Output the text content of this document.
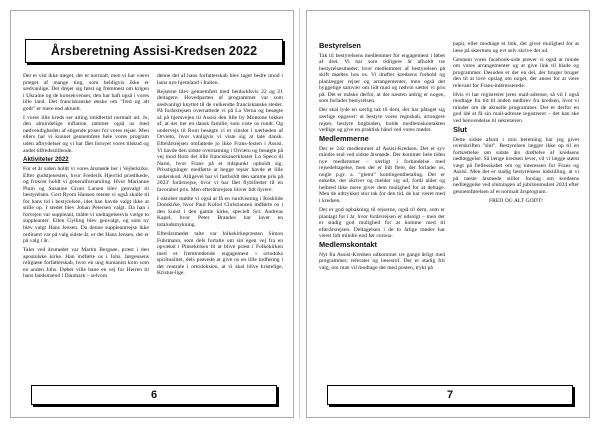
Årsberetning Assisi-Kredsen 2022

Der er vist ikke meget, der er normalt, men vi har været præget af mange ting, som heldigvis ikke er sædvanlige. Det drejer sig først og fremmest om krigen i Ukraine og de konsekvenser, den har haft også i vores lille land. Det franciskanske ønske om "fred og alt godt" er mere end aktuelt.

I vores lille kreds ser alting imidlertid normalt ud. Jo, den almindelige inflation rammer også os med nødvendigheden af stigende priser for vores rejser. Men ellers har vi kunnet gennemføre hele vores program uden afbrydelser og vi har fået fornyet vores tilskud og andet tilfredsstillende.

Aktiviteter 2022

For et år siden holdt vi vores årsmøde her i Vejlerkirke. Efter gudstjenesten, hvor Frederik Hjerrild prædikede, og frokost holdt vi generalforsamling. Hvor Marianne Plum og Susanne Grum Larsen blev genvalgt til bestyrelsen. Gert Ryom Hansen mente vi også skulle til for hans tid i bestyrelsen, idet han havde valgt ikke at stille op. I stedet blev Johan Petersen valgt. Da han i forvejen var suppleant, måtte vi undtagelsesvis vælge to suppleanter. Ellen Gylling blev genvalgt, og som ny blev valgt Hans Jensen. Da denne suppleantrejse ikke ordinært var på valg sidste år, er det Hans Jensen, der er på valg i år.

Taler ved årsmødet var Martin Bergsøe, præst i den apostolske kirke. Han indførte os i Johs. Jørgensens religiøse forfatterskab, hvor en ung humanist kom som en anden Johs. Døber ville bane en vej for Herren til hans landsmænd i Danmark – selvom

denne del af hans forfatterskab blev taget bedre imod i hans nye hjemland i Italien.

Rejserne blev gennemført med henholdsvis 22 og 21 deltagere. Hovedparten af programmet var som sædvanligt knyttet til de velkendte franciskanske steder. På forårsrejsen overnattede vi på La Verna og besøgte så på hjemvejen til Assisi den lille by Montone lokket af, at der her en dansk familie, som viste os rundt. Og undervejs til Rom besøgte vi et vinslot i nærheden af Orvieto, hvor vanligvis vi viste sig at tale dansk. Efterårsrejsen omfattede jo ikke Frans-festen i Assisi. Vi havde den sidste overnatning i Orvieto og besøgte på vej mod Rom det lille franciskanerkloster Lo Speco di Narni, hvor Frans på et tidspunkt opholdt sig. Prisstigninger medførte at begge rejser havde et lille underskud. Alligevel har vi fastholdt den samme pris på 2023' forårsrejse, hvor vi har fået flybilletter til en favorabel pris. Men efterårsrejsen bliver lidt dyrere.

I oktober mødte vi også at få en rundvisning i Roskilde Domkirke, hvor Paul Kofod Christiansen indførte os i den kunst i den gamle kirke, specielt Sct. Andreas Kapel, hvor Peter Brandes har lavet en totaludsmykning.

Efterårsmødet talte var folkekirkepræsten Simon Fuhrmann, som dels fortalte om sin egen vej fra en opvækst i Pinsekirken til at blive præst i Folkekirken med et fremtrædende engagement i ortodoks spiritualitet, dels prøvede at give os en lille indføring i det centrale i ortodoksien, at vi skal blive kristelige, Kristus-lige.

6
Bestyrelsen

Tak til bestyrelsens medlemmer for engagement i løbet af året. Vi har som tidligere år afholdt tre bestyrelsesmøder, hvor medlemmer af bestyrelsen på skift mødtes hos os. Vi drøfter kredsens forhold og planlægger rejser og arrangementer, men også det hyggelige samvær om lidt mad og rødvin sætter vi pris på. Det er måske derfor, at det næsten aldrig er nogen, som forlader bestyrelsen.

Der skal lyde en særlig tak til dem, der har påtaget sig særlige opgaver: at bestyre vores regnskab, arrangere rejser, bestyre bogboden, holde medlemskontakten vedlige og give en praktisk hånd ved vores møder.

Medlemmerne

Der er 242 medlemmer af Assisi-Kredsen. Det er syv mindre end ved sidste årsmøde. Der kommer hele tiden nye medlemmer – særligt i forbindelse med rejsedeltagelse, men der er lidt flere, der forlader os, nogle p.gr. a. "glemt" kontingentbetaling. Der er enkelte, der skriver og melder sig ud, fordi alder og helbred ikke mere giver dem mulighed for at deltage. Men de udtrykker stor tak for den tid, de har været med i kredsen.

Der er god opbakning til rejserne, også til dem, som er planlagt for i år, hvor forårsrejsen er udsolgt – men der er stadig god mulighed for at komme med til efterårsrejsen. Deltagelsen i de to årlige møder har været lidt mindre end før corona.

Medlemskontakt

Nyt fra Assisi-Kredsen udkommer tre gange årligt med programmer, referater og læsestof. Der er stadig frit valg, om man vil modtage det med posten, trykt på

papir, eller modtage et link, der giver mulighed for at læse på skærmen og evt selv skrive det ud.

Gennem vores facebook-side prøver vi også at minde om vores arrangementer og at give link til blade og programmer. Desuden er der en del, der bruger bruger den til at love opslag om noget, der anses for at være relevant for Frans-interesserede.

Hvis vi har registreret jeres mail-adresse, så vil I også modtage fra tid til anden nødbrev fra kredsen, hvor vi minder om de aktuelle programmer. Det er derfor en god idé at få sin mail-adresse registreret – det kan ske ved henvendelse til sekretæren.

Slut

Dette sidste afsnit i min beretning har jeg givet overskriften "slut". Bestyrelsen lægger ikke op til en fortsættelse om sidste års drøftelse af kredsens nedlæggelse. Så længe kredsen lever, vil vi lægge størst vægt på fællesskabet om og interessen for Frans og Assisi. Men det er stadig bestyrelsens indstilling, at vi på næste årsmøde stiller forslag om kredsens nedlæggelse ved slutningen af jubilæumsåret 2024 efter gennemførelsen af et normalt årsprogram.

FRED OG ALT GODT!

7
